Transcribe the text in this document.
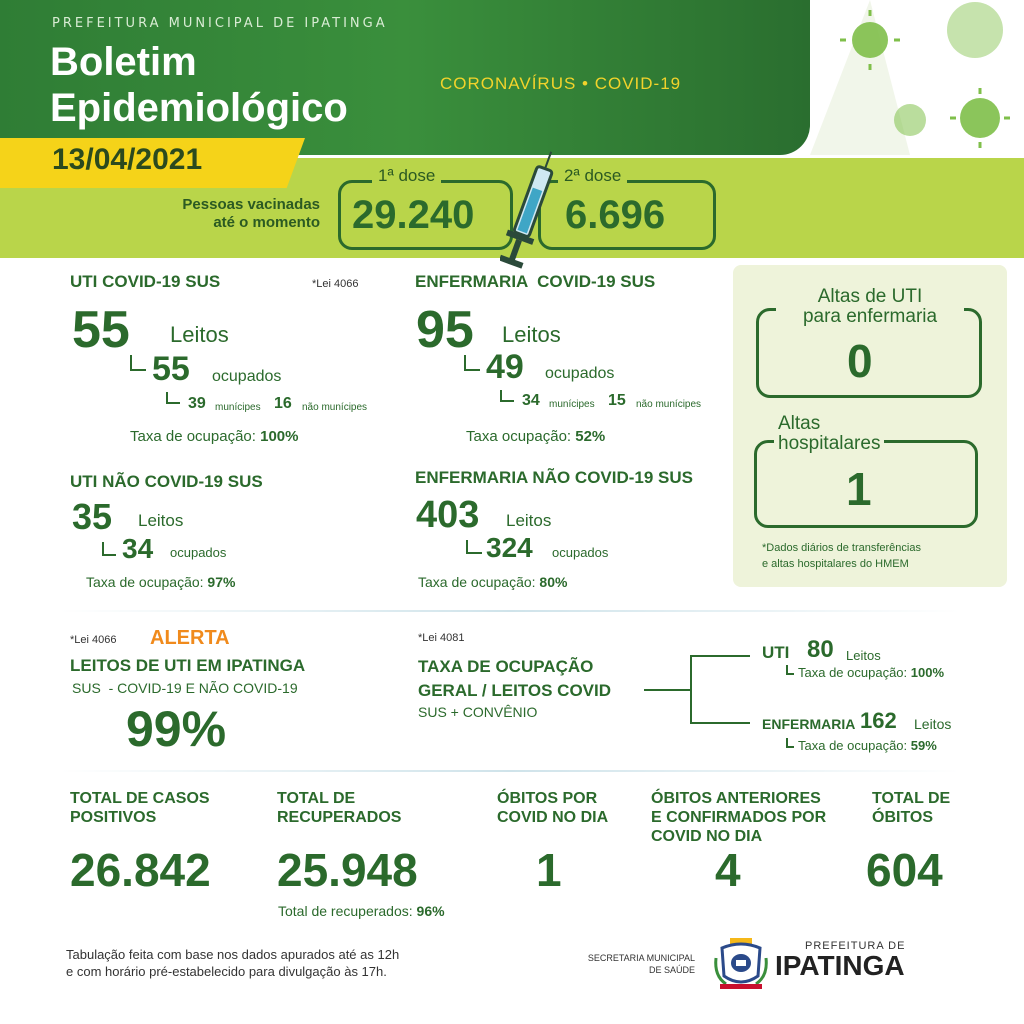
PREFEITURA MUNICIPAL DE IPATINGA
Boletim
Epidemiológico
CORONAVÍRUS • COVID-19
13/04/2021
Pessoas vacinadas
até o momento
1ª dose	2ª dose
29.240 6.696
UTI COVID-19 SUS	*Lei 4066
55 Leitos
55 ocupados
39 munícipes 16 não munícipes
Taxa de ocupação: 100%
ENFERMARIA  COVID-19 SUS
95 Leitos
49 ocupados
34 munícipes 15 não munícipes
Taxa ocupação: 52%
UTI NÃO COVID-19 SUS
35 Leitos
34 ocupados
Taxa de ocupação: 97%
ENFERMARIA NÃO COVID-19 SUS
403 Leitos
324 ocupados
Taxa de ocupação: 80%
Altas de UTI
para enfermaria
0
Altas
hospitalares
1
*Dados diários de transferências
e altas hospitalares do HMEM
*Lei 4066 ALERTA
LEITOS DE UTI EM IPATINGA
SUS  - COVID-19 E NÃO COVID-19
99%
*Lei 4081
TAXA DE OCUPAÇÃO
GERAL / LEITOS COVID
SUS + CONVÊNIO
UTI 80 Leitos
Taxa de ocupação: 100%
ENFERMARIA 162 Leitos
Taxa de ocupação: 59%
TOTAL DE CASOS
POSITIVOS
26.842
TOTAL DE
RECUPERADOS
25.948
Total de recuperados: 96%
ÓBITOS POR
COVID NO DIA
1
ÓBITOS ANTERIORES
E CONFIRMADOS POR
COVID NO DIA
4
TOTAL DE
ÓBITOS
604
Tabulação feita com base nos dados apurados até as 12h
e com horário pré-estabelecido para divulgação às 17h.
SECRETARIA MUNICIPAL
DE SAÚDE
PREFEITURA DE
IPATINGA
